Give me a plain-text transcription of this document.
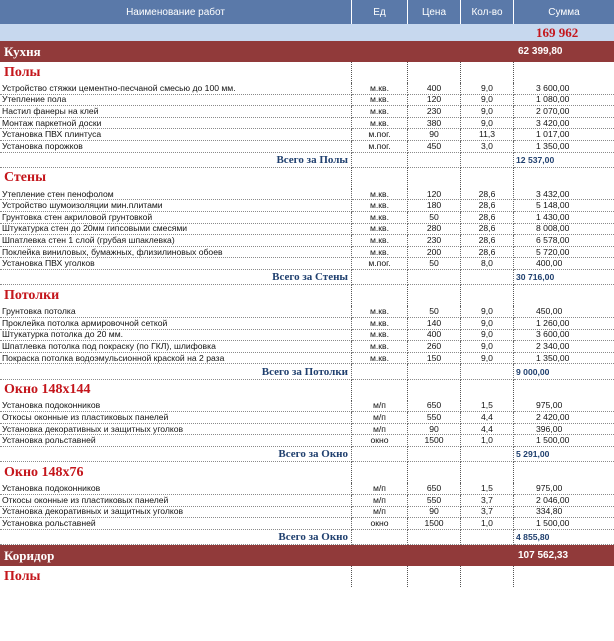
Наименование работ	Ед	Цена	Кол-во	Сумма
169 962
Кухня	62 399,80
Полы
Устройство стяжки цементно-песчаной смесью до 100 мм.	м.кв.	400	9,0	3 600,00
Утепление пола	м.кв.	120	9,0	1 080,00
Настил фанеры на клей	м.кв.	230	9,0	2 070,00
Монтаж паркетной доски	м.кв.	380	9,0	3 420,00
Установка ПВХ плинтуса	м.пог.	90	11,3	1 017,00
Установка порожков	м.пог.	450	3,0	1 350,00
Всего за Полы	12 537,00
Стены
Утепление стен пенофолом	м.кв.	120	28,6	3 432,00
Устройство шумоизоляции мин.плитами	м.кв.	180	28,6	5 148,00
Грунтовка стен акриловой грунтовкой	м.кв.	50	28,6	1 430,00
Штукатурка стен до 20мм гипсовыми смесями	м.кв.	280	28,6	8 008,00
Шпатлевка стен 1 слой (грубая шпаклевка)	м.кв.	230	28,6	6 578,00
Поклейка виниловых, бумажных, флизилиновых обоев	м.кв.	200	28,6	5 720,00
Установка ПВХ уголков	м.пог.	50	8,0	400,00
Всего за Стены	30 716,00
Потолки
Грунтовка потолка	м.кв.	50	9,0	450,00
Проклейка потолка армировочной сеткой	м.кв.	140	9,0	1 260,00
Штукатурка потолка до 20 мм.	м.кв.	400	9,0	3 600,00
Шпатлевка потолка под покраску (по ГКЛ), шлифовка	м.кв.	260	9,0	2 340,00
Покраска потолка водоэмульсионной краской на 2 раза	м.кв.	150	9,0	1 350,00
Всего за Потолки	9 000,00
Окно 148х144
Установка подоконников	м/п	650	1,5	975,00
Откосы оконные из пластиковых панелей	м/п	550	4,4	2 420,00
Установка декоративных и защитных уголков	м/п	90	4,4	396,00
Установка рольставней	окно	1500	1,0	1 500,00
Всего за Окно	5 291,00
Окно 148х76
Установка подоконников	м/п	650	1,5	975,00
Откосы оконные из пластиковых панелей	м/п	550	3,7	2 046,00
Установка декоративных и защитных уголков	м/п	90	3,7	334,80
Установка рольставней	окно	1500	1,0	1 500,00
Всего за Окно	4 855,80
Коридор	107 562,33
Полы
